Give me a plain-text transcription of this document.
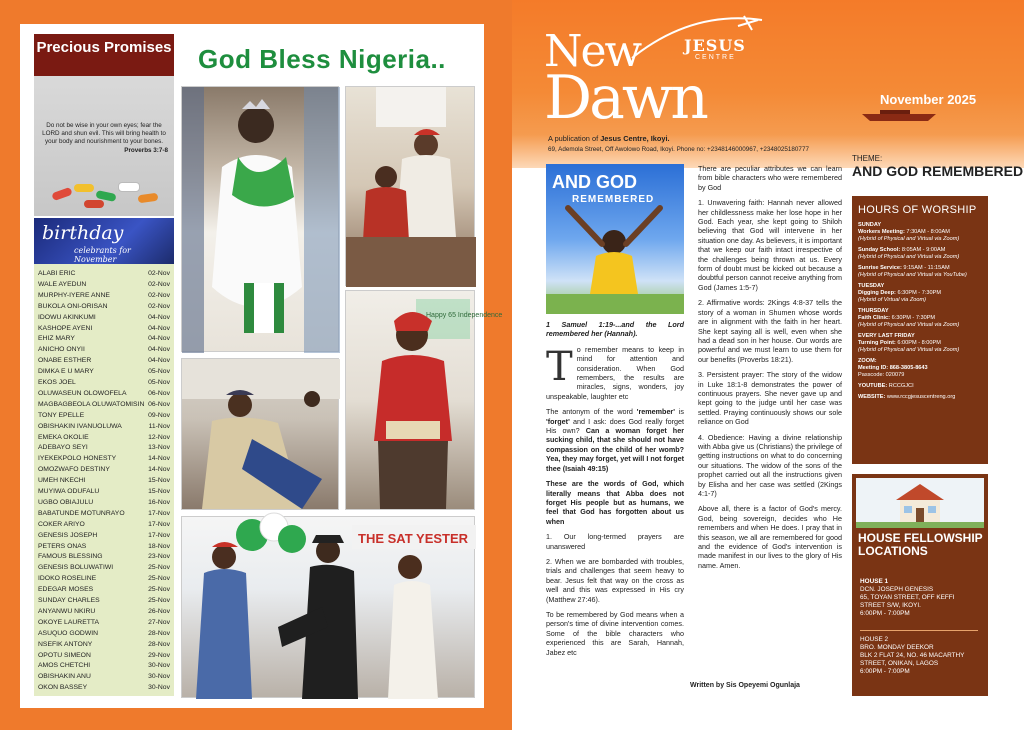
Precious Promises
Do not be wise in your own eyes; fear the LORD and shun evil. This will bring health to your body and nourishment to your bones.
Proverbs 3:7-8
birthday
celebrants for November
ALABI ERIC	02-Nov
WALE AYEDUN	02-Nov
MURPHY-IYERE ANNE	02-Nov
BUKOLA ONI-ORISAN	02-Nov
IDOWU AKINKUMI	04-Nov
KASHOPE AYENI	04-Nov
EHIZ MARY	04-Nov
ANICHO ONYII	04-Nov
ONABE ESTHER	04-Nov
DIMKA E U MARY	05-Nov
EKOS JOEL	05-Nov
OLUWASEUN OLOWOFELA	06-Nov
MAGBAGBEOLA OLUWATOMISIN 06-Nov
TONY EPELLE	09-Nov
OBISHAKIN IVANUOLUWA	11-Nov
EMEKA OKOLIE	12-Nov
ADEBAYO SEYI	13-Nov
IYEKEKPOLO HONESTY	14-Nov
OMOZWAFO DESTINY	14-Nov
UMEH NKECHI	15-Nov
MUYIWA ODUFALU	15-Nov
UGBO OBIAJULU	16-Nov
BABATUNDE MOTUNRAYO	17-Nov
COKER ARIYO	17-Nov
GENESIS JOSEPH	17-Nov
PETERS ONAS	18-Nov
FAMOUS BLESSING	23-Nov
GENESIS BOLUWATIWI	25-Nov
IDOKO ROSELINE	25-Nov
EDEGAR MOSES	25-Nov
SUNDAY CHARLES	25-Nov
ANYANWU NKIRU	26-Nov
OKOYE LAURETTA	27-Nov
ASUQUO GODWIN	28-Nov
NSEFIK ANTONY	28-Nov
OPOTU SIMEON	29-Nov
AMOS CHETCHI	30-Nov
OBISHAKIN ANU	30-Nov
OKON BASSEY	30-Nov
God Bless Nigeria..
Happy 65 Independence
THE SAT YESTER
New	JESUS
CENTRE
Dawn	November 2025
A publication of Jesus Centre, Ikoyi.
69, Ademola Street, Off Awolowo Road, Ikoyi. Phone no: +2348146000967, +2348025180777
AND GOD
REMEMBERED

1 Samuel 1:19-...and the Lord remembered her (Hannah).

To remember means to keep in mind for attention and consideration. When God remembers, the results are miracles, signs, wonders, joy unspeakable, laughter etc

The antonym of the word 'remember' is 'forget' and I ask: does God really forget His own? Can a woman forget her sucking child, that she should not have compassion on the child of her womb? Yea, they may forget, yet will I not forget thee (Isaiah 49:15)

These are the words of God, which literally means that Abba does not forget His people but as humans, we feel that God has forgotten about us when

1. Our long-termed prayers are unanswered

2. When we are bombarded with troubles, trials and challenges that seem heavy to bear. Jesus felt that way on the cross as well and this was expressed in His cry (Matthew 27:46).

To be remembered by God means when a person's time of divine intervention comes. Some of the bible characters who experienced this are Sarah, Hannah, Jabez etc

There are peculiar attributes we can learn from bible characters who were remembered by God

1. Unwavering faith: Hannah never allowed her childlessness make her lose hope in her God. Each year, she kept going to Shiloh believing that God will intervene in her situation one day. As believers, it is important that we keep our faith intact irrespective of the challenges being thrown at us. Every form of doubt must be kicked out because a doubtful person cannot receive anything from God (James 1:5-7)

2. Affirmative words: 2Kings 4:8-37 tells the story of a woman in Shumen whose words are in alignment with the faith in her heart. She kept saying all is well, even when she had a dead son in her house. Our words are powerful and we must learn to use them for our benefits (Proverbs 18:21).

3. Persistent prayer: The story of the widow in Luke 18:1-8 demonstrates the power of continuous prayers. She never gave up and kept going to the judge until her case was settled. Praying continuously shows our sole reliance on God

4. Obedience: Having a divine relationship with Abba give us (Christians) the privilege of getting instructions on what to do concerning our situations. The widow of the sons of the prophet carried out all the instructions given by Elisha and her case was settled (2Kings 4:1-7)

Above all, there is a factor of God's mercy. God, being sovereign, decides who He remembers and when He does. I pray that in this season, we all are remembered for good and the evidence of God's intervention is made manifest in our lives to the glory of His name. Amen.

Written by Sis Opeyemi Ogunlaja
THEME:
AND GOD REMEMBERED
HOURS OF WORSHIP
SUNDAY
Workers Meeting: 7:30AM - 8:00AM
(Hybrid of Physical and Virtual via Zoom)
Sunday School: 8:05AM - 9:00AM
(Hybrid of Physical and Virtual via Zoom)
Sunrise Service: 9:15AM - 11:15AM
(Hybrid of Physical and Virtual via YouTube)
TUESDAY
Digging Deep: 6:30PM - 7:30PM
(Hybrid of Virtual via Zoom)
THURSDAY
Faith Clinic: 6:30PM - 7:30PM
(Hybrid of Physical and Virtual via Zoom)
EVERY LAST FRIDAY
Turning Point: 6:00PM - 8:00PM
(Hybrid of Physical and Virtual via Zoom)
ZOOM:
Meeting ID: 868-3805-8643
Passcode: 020079
YOUTUBE: RCCGJCI
WEBSITE: www.rccgjesuscentreng.org
HOUSE FELLOWSHIP LOCATIONS
HOUSE 1
DCN. JOSEPH GENESIS
65, TOYAN STREET, OFF KEFFI
STREET S/W, IKOYI.
6:00PM - 7:00PM
HOUSE 2
BRO. MONDAY DEEKOR
BLK 2 FLAT 24, NO. 46 MACARTHY
STREET, ONIKAN, LAGOS
6:00PM - 7:00PM
